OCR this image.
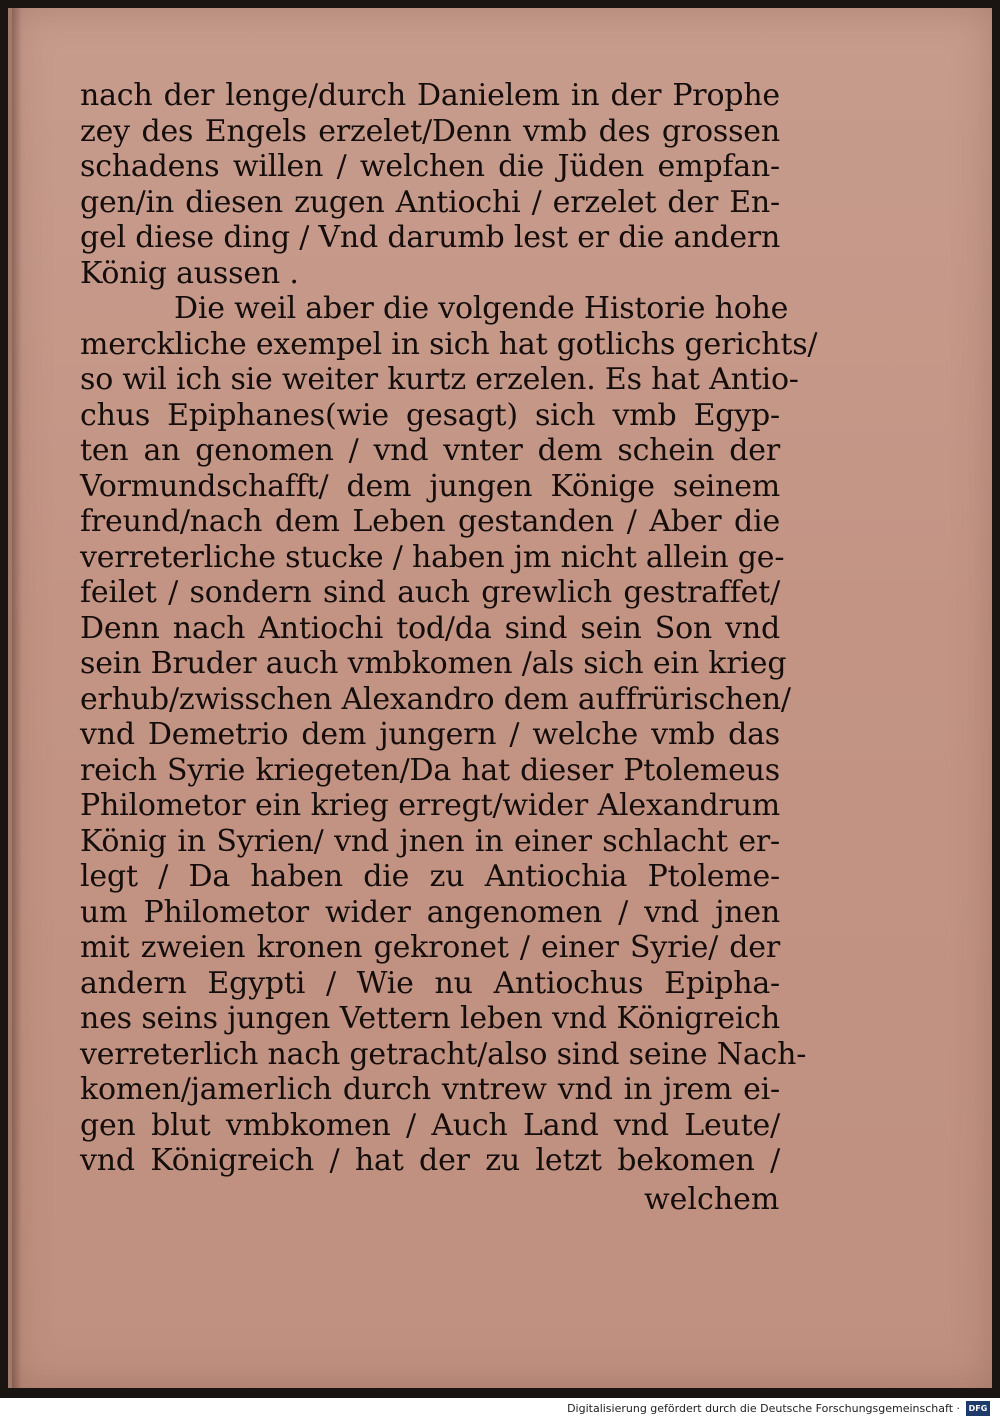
nach der lenge/durch Danielem in der Prophe
zey des Engels erzelet/Denn vmb des grossen
schadens willen / welchen die Jüden empfan-
gen/in diesen zugen Antiochi / erzelet der En-
gel diese ding / Vnd darumb lest er die andern
König aussen .
Die weil aber die volgende Historie hohe
merckliche exempel in sich hat gotlichs gerichts/
so wil ich sie weiter kurtz erzelen. Es hat Antio-
chus Epiphanes(wie gesagt) sich vmb Egyp-
ten an genomen / vnd vnter dem schein der
Vormundschafft/ dem jungen Könige seinem
freund/nach dem Leben gestanden / Aber die
verreterliche stucke / haben jm nicht allein ge-
feilet / sondern sind auch grewlich gestraffet/
Denn nach Antiochi tod/da sind sein Son vnd
sein Bruder auch vmbkomen /als sich ein krieg
erhub/zwisschen Alexandro dem auffrürischen/
vnd Demetrio dem jungern / welche vmb das
reich Syrie kriegeten/Da hat dieser Ptolemeus
Philometor ein krieg erregt/wider Alexandrum
König in Syrien/ vnd jnen in einer schlacht er-
legt / Da haben die zu Antiochia Ptoleme-
um Philometor wider angenomen / vnd jnen
mit zweien kronen gekronet / einer Syrie/ der
andern Egypti / Wie nu Antiochus Epipha-
nes seins jungen Vettern leben vnd Königreich
verreterlich nach getracht/also sind seine Nach-
komen/jamerlich durch vntrew vnd in jrem ei-
gen blut vmbkomen / Auch Land vnd Leute/
vnd Königreich / hat der zu letzt bekomen /
welchem
Digitalisierung gefördert durch die Deutsche Forschungsgemeinschaft ·	DFG
